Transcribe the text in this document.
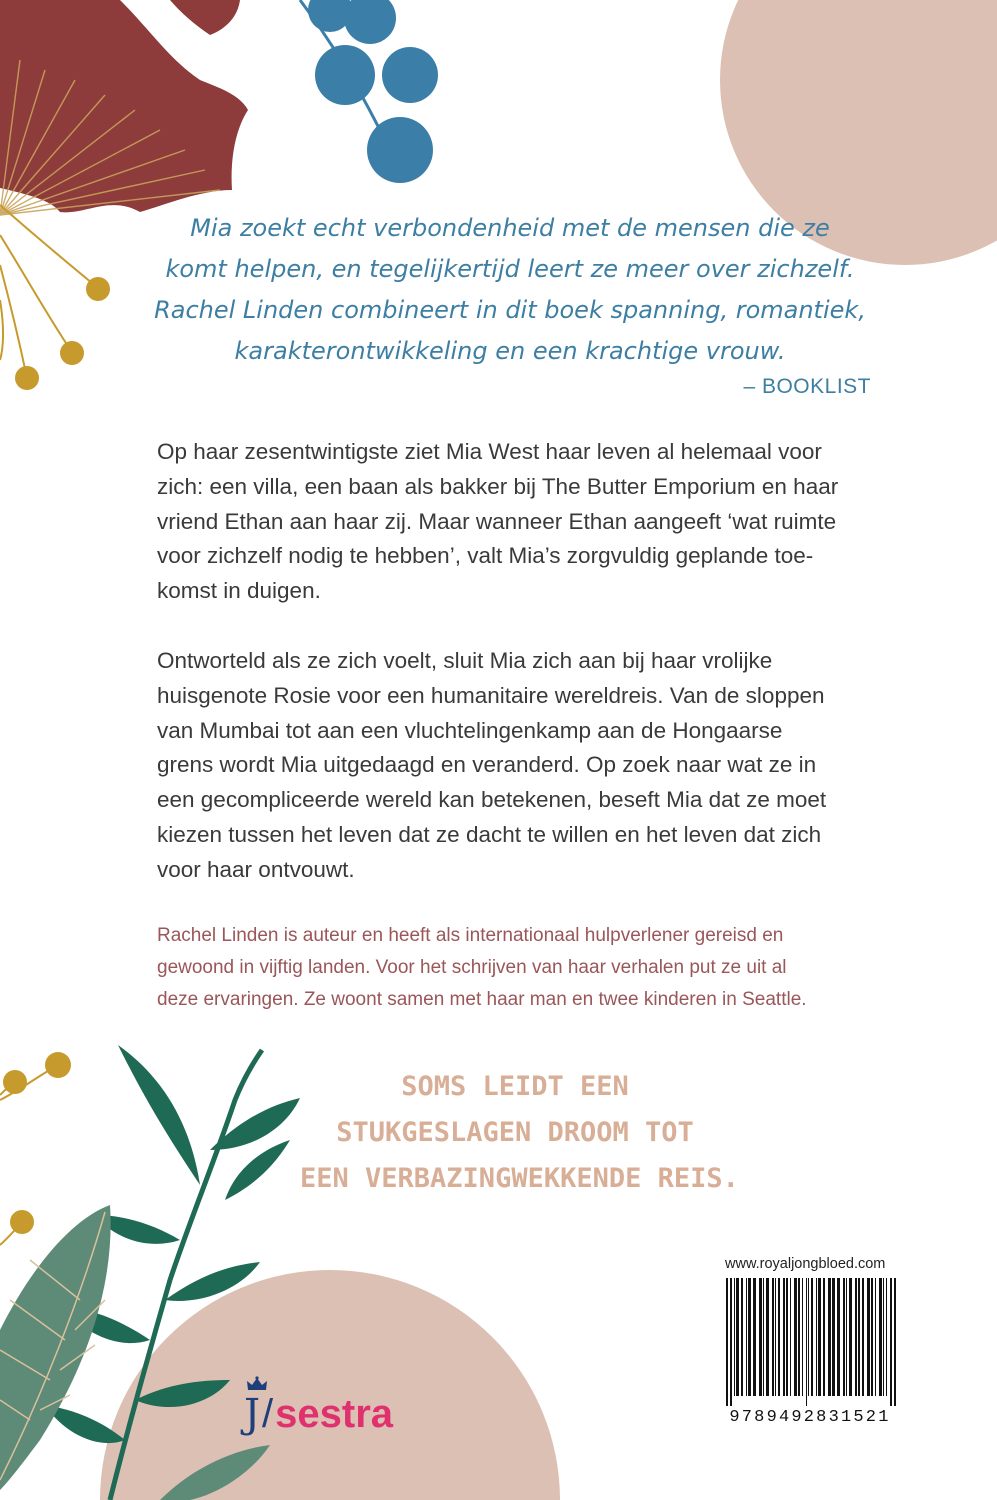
Mia zoekt echt verbondenheid met de mensen die ze
komt helpen, en tegelijkertijd leert ze meer over zichzelf.
Rachel Linden combineert in dit boek spanning, romantiek,
karakterontwikkeling en een krachtige vrouw.
– BOOKLIST
Op haar zesentwintigste ziet Mia West haar leven al helemaal voor
zich: een villa, een baan als bakker bij The Butter Emporium en haar
vriend Ethan aan haar zij. Maar wanneer Ethan aangeeft ‘wat ruimte
voor zichzelf nodig te hebben’, valt Mia’s zorgvuldig geplande toe-
komst in duigen.
Ontworteld als ze zich voelt, sluit Mia zich aan bij haar vrolijke
huisgenote Rosie voor een humanitaire wereldreis. Van de sloppen
van Mumbai tot aan een vluchtelingenkamp aan de Hongaarse
grens wordt Mia uitgedaagd en veranderd. Op zoek naar wat ze in
een gecompliceerde wereld kan betekenen, beseft Mia dat ze moet
kiezen tussen het leven dat ze dacht te willen en het leven dat zich
voor haar ontvouwt.
Rachel Linden is auteur en heeft als internationaal hulpverlener gereisd en
gewoond in vijftig landen. Voor het schrijven van haar verhalen put ze uit al
deze ervaringen. Ze woont samen met haar man en twee kinderen in Seattle.
SOMS LEIDT EEN
STUKGESLAGEN DROOM TOT
EEN VERBAZINGWEKKENDE REIS.
J / sestra
www.royaljongbloed.com
9789492831521
